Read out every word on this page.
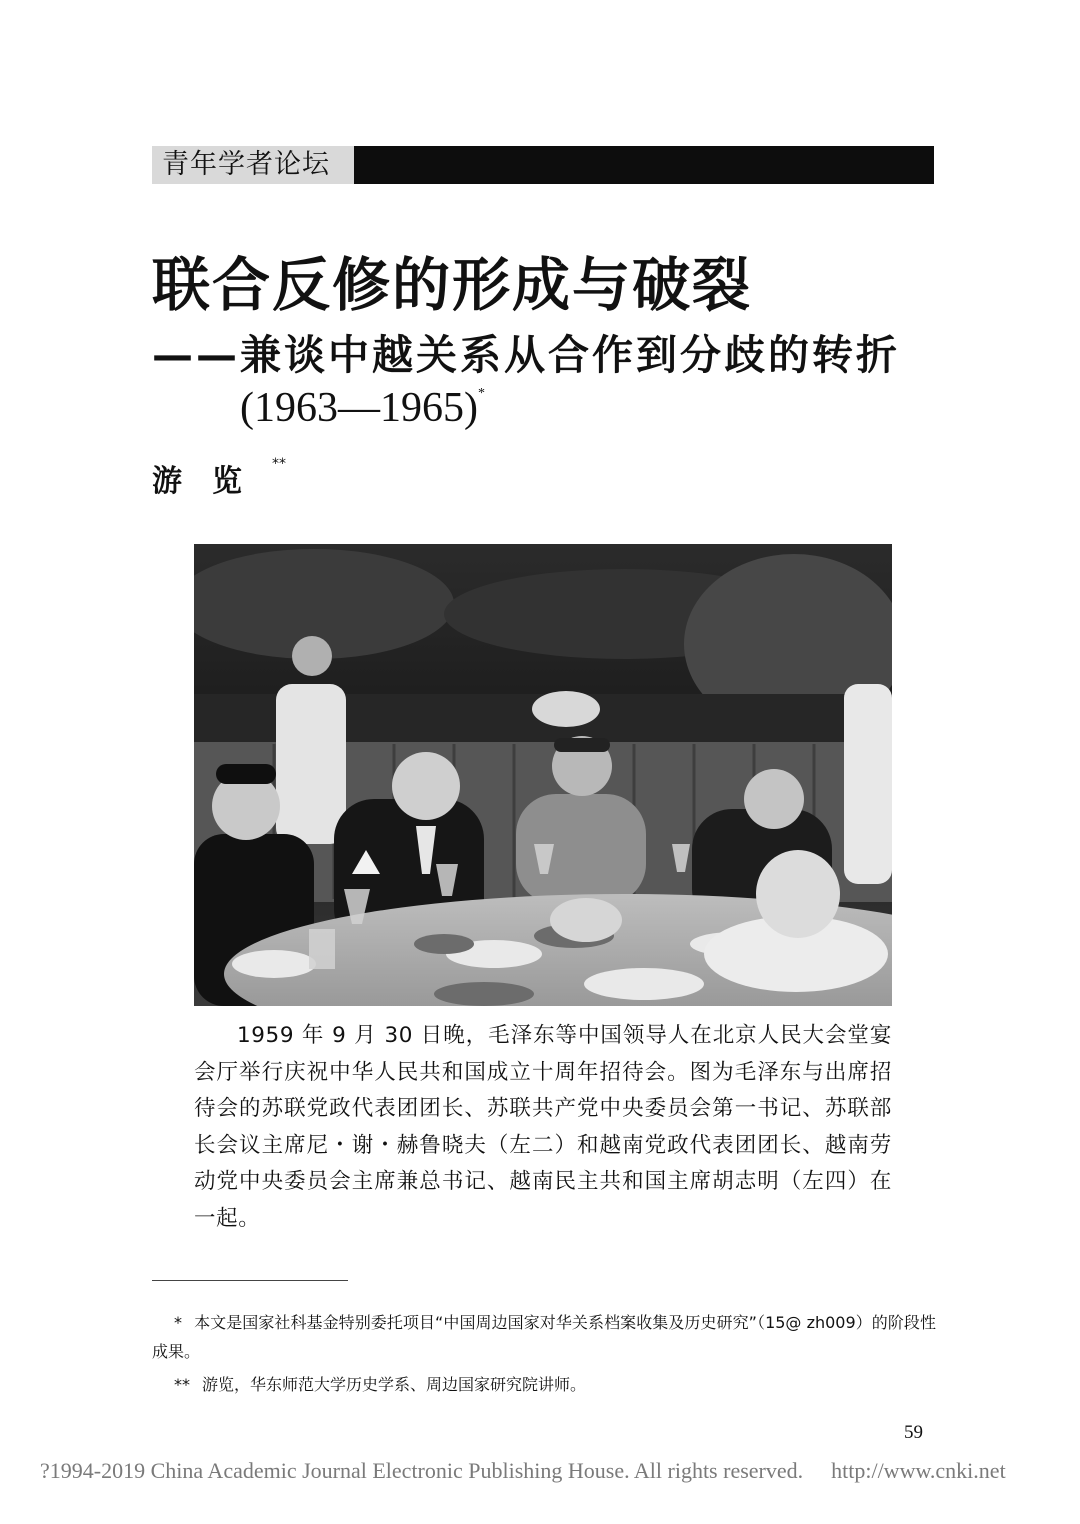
青年学者论坛
联合反修的形成与破裂
——兼谈中越关系从合作到分歧的转折
(1963—1965)*
游览**
1959 年 9 月 30 日晚，毛泽东等中国领导人在北京人民大会堂宴会厅举行庆祝中华人民共和国成立十周年招待会。图为毛泽东与出席招待会的苏联党政代表团团长、苏联共产党中央委员会第一书记、苏联部长会议主席尼・谢・赫鲁晓夫（左二）和越南党政代表团团长、越南劳动党中央委员会主席兼总书记、越南民主共和国主席胡志明（左四）在一起。
* 本文是国家社科基金特别委托项目“中国周边国家对华关系档案收集及历史研究”（15@ zh009）的阶段性成果。
** 游览，华东师范大学历史学系、周边国家研究院讲师。
59
?1994-2019 China Academic Journal Electronic Publishing House. All rights reserved. http://www.cnki.net
